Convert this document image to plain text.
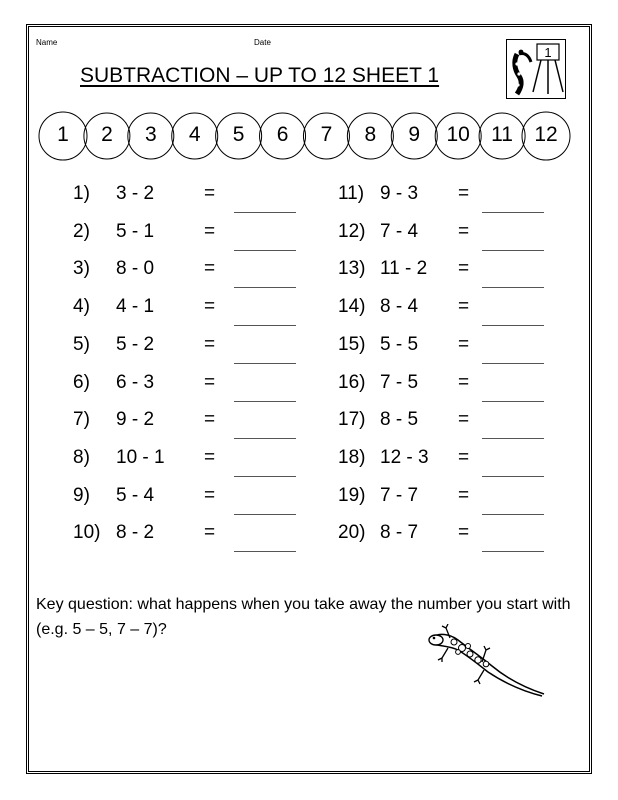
Name	Date
SUBTRACTION – UP TO 12 SHEET 1
1
1	2	3	4	5	6	7	8	9	10	11	12
1) 3 - 2	=
2) 5 - 1	=
3) 8 - 0	=
4) 4 - 1	=
5) 5 - 2	=
6) 6 - 3	=
7) 9 - 2	=
8) 10 - 1 =
9) 5 - 4	=
10) 8 - 2	=
11) 9 - 3 =
12) 7 - 4 =
13) 11 - 2 =
14) 8 - 4 =
15) 5 - 5 =
16) 7 - 5 =
17) 8 - 5 =
18) 12 - 3 =
19) 7 - 7 =
20) 8 - 7 =
Key question: what happens when you take away the number you start with (e.g. 5 – 5, 7 – 7)?
